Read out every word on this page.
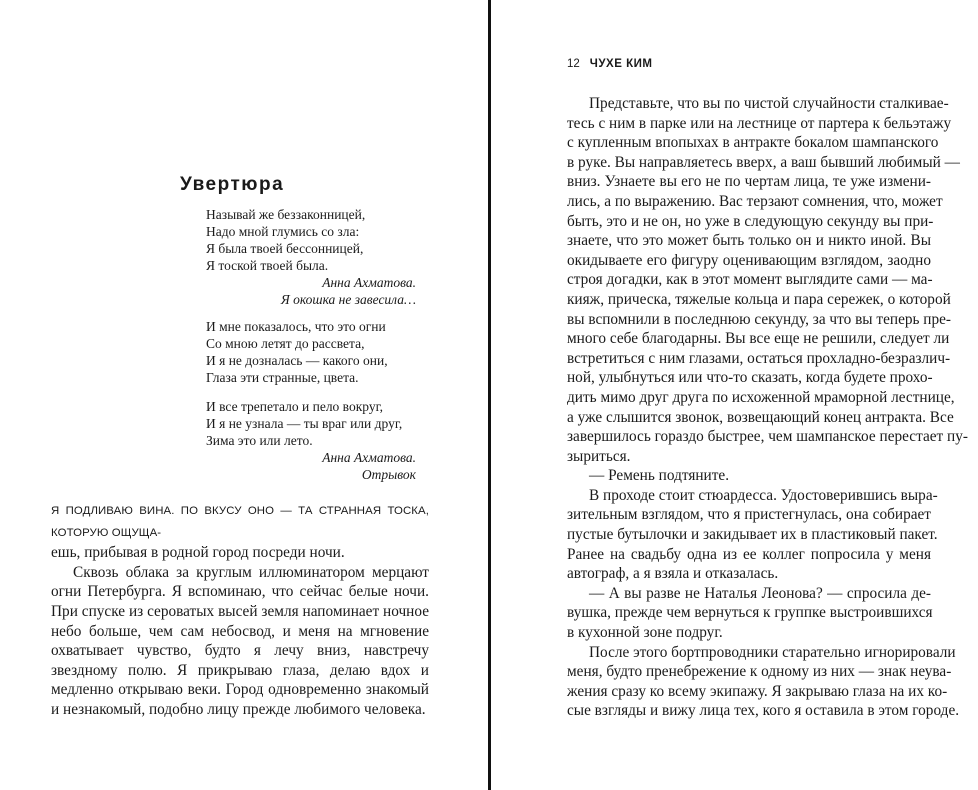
Увертюра
Называй же беззаконницей,
Надо мной глумись со зла:
Я была твоей бессонницей,
Я тоской твоей была.
Анна Ахматова.
Я окошка не завесила…
И мне показалось, что это огни
Со мною летят до рассвета,
И я не дозналась — какого они,
Глаза эти странные, цвета.
И все трепетало и пело вокруг,
И я не узнала — ты враг или друг,
Зима это или лето.
Анна Ахматова.
Отрывок

Я ПОДЛИВАЮ ВИНА. ПО ВКУСУ ОНО — ТА СТРАННАЯ ТОСКА, КОТОРУЮ ОЩУЩА-
ешь, прибывая в родной город посреди ночи.

Сквозь облака за круглым иллюминатором мерцают огни Петербурга. Я вспоминаю, что сейчас белые ночи. При спуске из сероватых высей земля напоминает ночное небо больше, чем сам небосвод, и меня на мгновение охватывает чувство, будто я лечу вниз, навстречу звездному полю. Я прикрываю глаза, делаю вдох и медленно открываю веки. Город одновременно знакомый и незнакомый, подобно лицу прежде любимого человека.

12 ЧУХЕ КИМ
Представьте, что вы по чистой случайности сталкивае-
тесь с ним в парке или на лестнице от партера к бельэтажу
с купленным впопыхах в антракте бокалом шампанского
в руке. Вы направляетесь вверх, а ваш бывший любимый —
вниз. Узнаете вы его не по чертам лица, те уже измени-
лись, а по выражению. Вас терзают сомнения, что, может
быть, это и не он, но уже в следующую секунду вы при-
знаете, что это может быть только он и никто иной. Вы
окидываете его фигуру оценивающим взглядом, заодно
строя догадки, как в этот момент выглядите сами — ма-
кияж, прическа, тяжелые кольца и пара сережек, о которой
вы вспомнили в последнюю секунду, за что вы теперь пре-
много себе благодарны. Вы все еще не решили, следует ли
встретиться с ним глазами, остаться прохладно-безразлич-
ной, улыбнуться или что-то сказать, когда будете прохо-
дить мимо друг друга по исхоженной мраморной лестнице,
а уже слышится звонок, возвещающий конец антракта. Все
завершилось гораздо быстрее, чем шампанское перестает пу-
зыриться.
— Ремень подтяните.
В проходе стоит стюардесса. Удостоверившись выра-
зительным взглядом, что я пристегнулась, она собирает
пустые бутылочки и закидывает их в пластиковый пакет.
Ранее на свадьбу одна из ее коллег попросила у меня
автограф, а я взяла и отказалась.
— А вы разве не Наталья Леонова? — спросила де-
вушка, прежде чем вернуться к группке выстроившихся
в кухонной зоне подруг.
После этого бортпроводники старательно игнорировали
меня, будто пренебрежение к одному из них — знак неува-
жения сразу ко всему экипажу. Я закрываю глаза на их ко-
сые взгляды и вижу лица тех, кого я оставила в этом городе.
